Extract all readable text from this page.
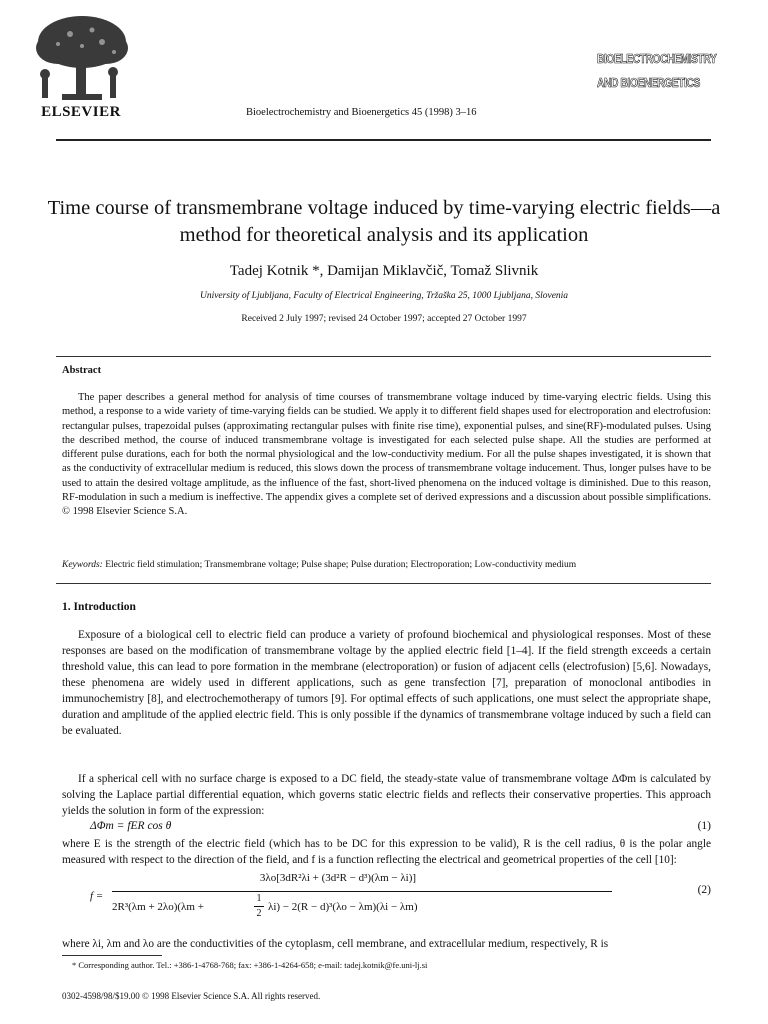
ELSEVIER	Bioelectrochemistry and Bioenergetics 45 (1998) 3–16
BIOELECTROCHEMISTRY
AND BIOENERGETICS
Time course of transmembrane voltage induced by time-varying electric fields—a method for theoretical analysis and its application
Tadej Kotnik *, Damijan Miklavčič, Tomaž Slivnik
University of Ljubljana, Faculty of Electrical Engineering, Tržaška 25, 1000 Ljubljana, Slovenia
Received 2 July 1997; revised 24 October 1997; accepted 27 October 1997
Abstract
The paper describes a general method for analysis of time courses of transmembrane voltage induced by time-varying electric fields. Using this method, a response to a wide variety of time-varying fields can be studied. We apply it to different field shapes used for electroporation and electrofusion: rectangular pulses, trapezoidal pulses (approximating rectangular pulses with finite rise time), exponential pulses, and sine(RF)-modulated pulses. Using the described method, the course of induced transmembrane voltage is investigated for each selected pulse shape. All the studies are performed at different pulse durations, each for both the normal physiological and the low-conductivity medium. For all the pulse shapes investigated, it is shown that as the conductivity of extracellular medium is reduced, this slows down the process of transmembrane voltage inducement. Thus, longer pulses have to be used to attain the desired voltage amplitude, as the influence of the fast, short-lived phenomena on the induced voltage is diminished. Due to this reason, RF-modulation in such a medium is ineffective. The appendix gives a complete set of derived expressions and a discussion about possible simplifications. © 1998 Elsevier Science S.A.
Keywords: Electric field stimulation; Transmembrane voltage; Pulse shape; Pulse duration; Electroporation; Low-conductivity medium
1. Introduction
Exposure of a biological cell to electric field can produce a variety of profound biochemical and physiological responses. Most of these responses are based on the modification of transmembrane voltage by the applied electric field [1–4]. If the field strength exceeds a certain threshold value, this can lead to pore formation in the membrane (electroporation) or fusion of adjacent cells (electrofusion) [5,6]. Nowadays, these phenomena are widely used in different applications, such as gene transfection [7], preparation of monoclonal antibodies in immunochemistry [8], and electrochemotherapy of tumors [9]. For optimal effects of such applications, one must select the appropriate shape, duration and amplitude of the applied electric field. This is only possible if the dynamics of transmembrane voltage induced by such a field can be evaluated.
If a spherical cell with no surface charge is exposed to a DC field, the steady-state value of transmembrane voltage ΔΦm is calculated by solving the Laplace partial differential equation, which governs static electric fields and reflects their conservative properties. This approach yields the solution in form of the expression:
ΔΦm = fER cos θ	(1)
where E is the strength of the electric field (which has to be DC for this expression to be valid), R is the cell radius, θ is the polar angle measured with respect to the direction of the field, and f is a function reflecting the electrical and geometrical properties of the cell [10]:
f =
3λo[3dR²λi + (3d²R − d³)(λm − λi)]
2R³(λm + 2λo)(λm +
1
2
λi) − 2(R − d)³(λo − λm)(λi − λm)
(2)
where λi, λm and λo are the conductivities of the cytoplasm, cell membrane, and extracellular medium, respectively, R is
* Corresponding author. Tel.: +386-1-4768-768; fax: +386-1-4264-658; e-mail: tadej.kotnik@fe.uni-lj.si
0302-4598/98/$19.00 © 1998 Elsevier Science S.A. All rights reserved.
